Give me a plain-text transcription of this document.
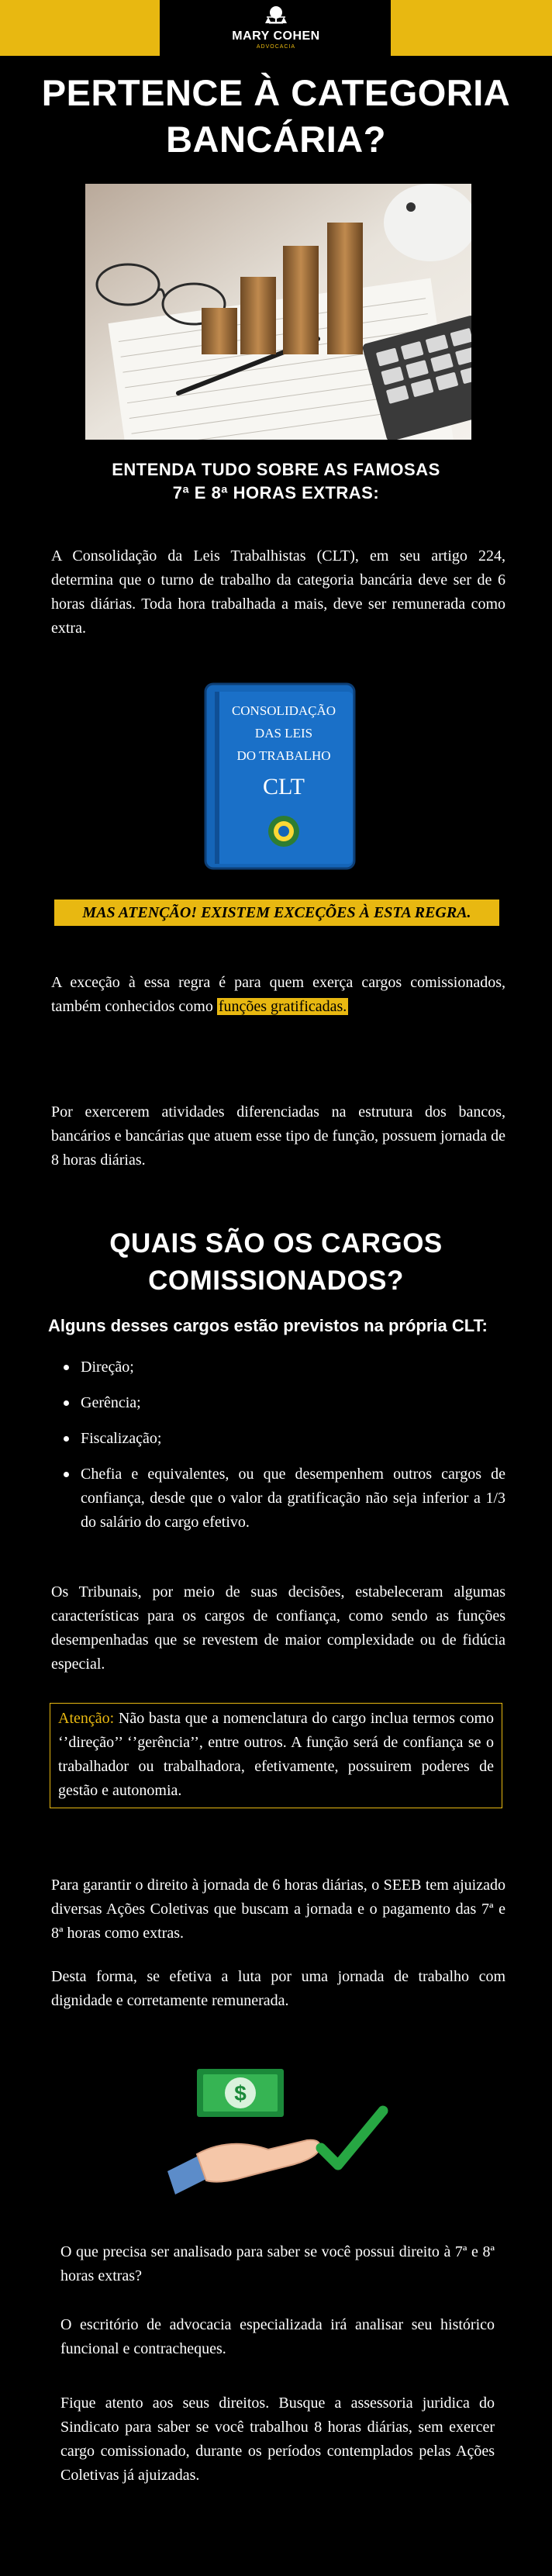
MARY COHEN
ADVOCACIA
PERTENCE À CATEGORIA
BANCÁRIA?
ENTENDA TUDO SOBRE AS FAMOSAS
7ª E 8ª HORAS EXTRAS:
A Consolidação da Leis Trabalhistas (CLT), em seu artigo 224, determina que o turno de trabalho da categoria bancária deve ser de 6 horas diárias. Toda hora trabalhada a mais, deve ser remunerada como extra.
CONSOLIDAÇÃO
DAS LEIS
DO TRABALHO
CLT
MAS ATENÇÃO! EXISTEM EXCEÇÕES À ESTA REGRA.
A exceção à essa regra é para quem exerça cargos comissionados, também conhecidos como funções gratificadas.
Por exercerem atividades diferenciadas na estrutura dos bancos, bancários e bancárias que atuem esse tipo de função, possuem jornada de 8 horas diárias.
QUAIS SÃO OS CARGOS
COMISSIONADOS?
Alguns desses cargos estão previstos na própria CLT:
Direção;
Gerência;
Fiscalização;
Chefia e equivalentes, ou que desempenhem outros cargos de confiança, desde que o valor da gratificação não seja inferior a 1/3 do salário do cargo efetivo.
Os Tribunais, por meio de suas decisões, estabeleceram algumas características para os cargos de confiança, como sendo as funções desempenhadas que se revestem de maior complexidade ou de fidúcia especial.
Atenção: Não basta que a nomenclatura do cargo inclua termos como ‘’direção’’ ‘’gerência’’, entre outros. A função será de confiança se o trabalhador ou trabalhadora, efetivamente, possuirem poderes de gestão e autonomia.
Para garantir o direito à jornada de 6 horas diárias, o SEEB tem ajuizado diversas Ações Coletivas que buscam a jornada e o pagamento das 7ª e 8ª horas como extras.
Desta forma, se efetiva a luta por uma jornada de trabalho com dignidade e corretamente remunerada.
$
O que precisa ser analisado para saber se você possui direito à 7ª e 8ª horas extras?
O escritório de advocacia especializada irá analisar seu histórico funcional e contracheques.
Fique atento aos seus direitos. Busque a assessoria juridica do Sindicato para saber se você trabalhou 8 horas diárias, sem exercer cargo comissionado, durante os períodos contemplados pelas Ações Coletivas já ajuizadas.
